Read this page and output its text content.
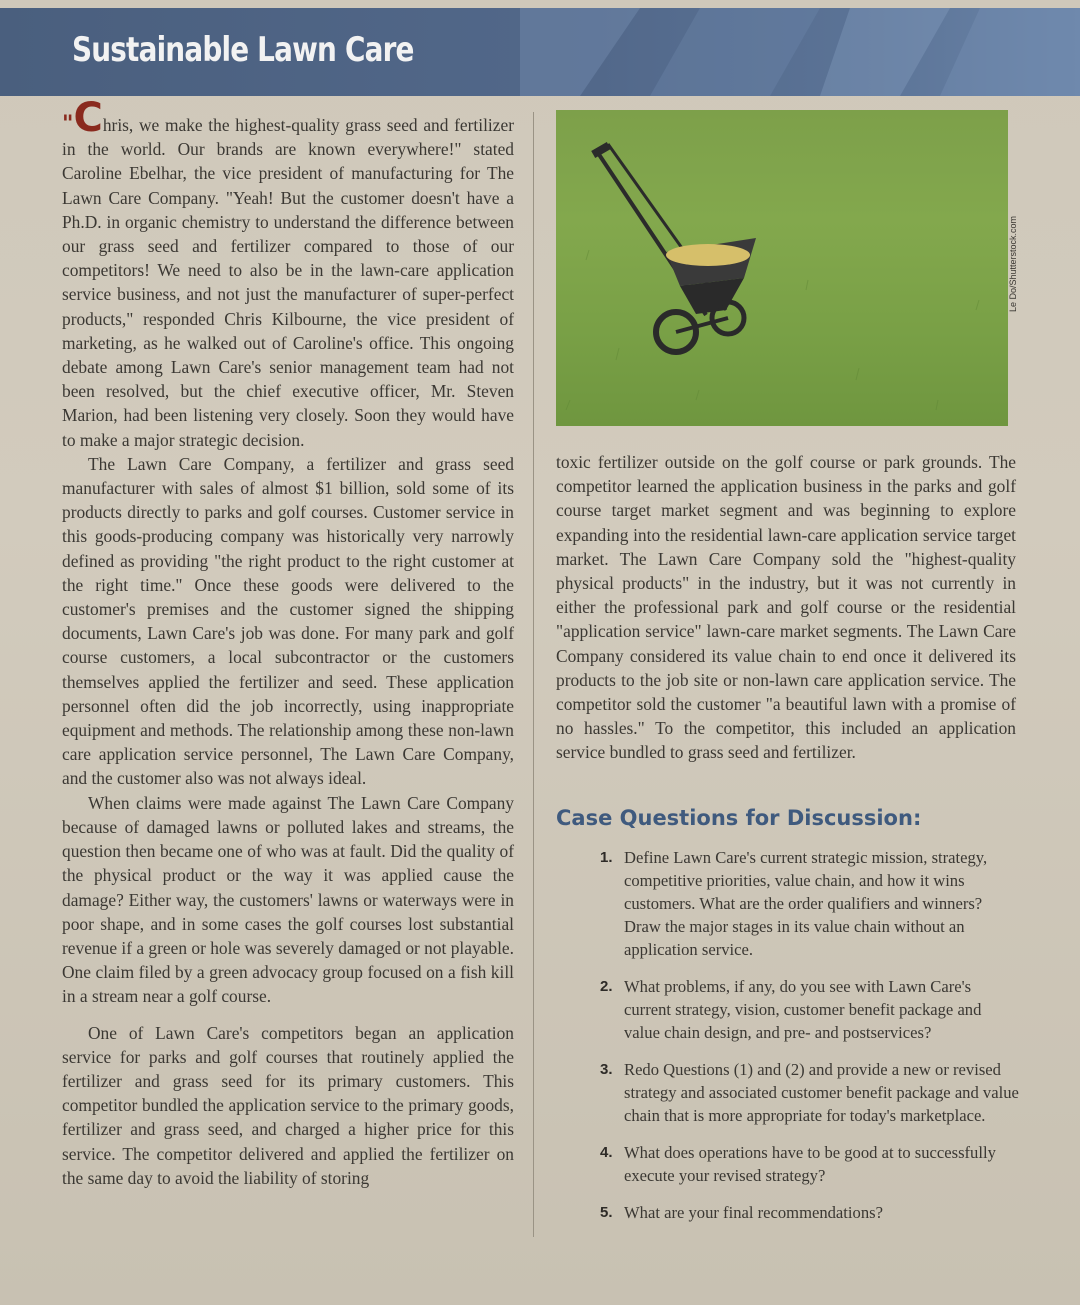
Sustainable Lawn Care

"Chris, we make the highest-quality grass seed and fertilizer in the world. Our brands are known everywhere!" stated Caroline Ebelhar, the vice president of manufacturing for The Lawn Care Company. "Yeah! But the customer doesn't have a Ph.D. in organic chemistry to understand the difference between our grass seed and fertilizer compared to those of our competitors! We need to also be in the lawn-care application service business, and not just the manufacturer of super-perfect products," responded Chris Kilbourne, the vice president of marketing, as he walked out of Caroline's office. This ongoing debate among Lawn Care's senior management team had not been resolved, but the chief executive officer, Mr. Steven Marion, had been listening very closely. Soon they would have to make a major strategic decision.

The Lawn Care Company, a fertilizer and grass seed manufacturer with sales of almost $1 billion, sold some of its products directly to parks and golf courses. Customer service in this goods-producing company was historically very narrowly defined as providing "the right product to the right customer at the right time." Once these goods were delivered to the customer's premises and the customer signed the shipping documents, Lawn Care's job was done. For many park and golf course customers, a local subcontractor or the customers themselves applied the fertilizer and seed. These application personnel often did the job incorrectly, using inappropriate equipment and methods. The relationship among these non-lawn care application service personnel, The Lawn Care Company, and the customer also was not always ideal.

When claims were made against The Lawn Care Company because of damaged lawns or polluted lakes and streams, the question then became one of who was at fault. Did the quality of the physical product or the way it was applied cause the damage? Either way, the customers' lawns or waterways were in poor shape, and in some cases the golf courses lost substantial revenue if a green or hole was severely damaged or not playable. One claim filed by a green advocacy group focused on a fish kill in a stream near a golf course.

One of Lawn Care's competitors began an application service for parks and golf courses that routinely applied the fertilizer and grass seed for its primary customers. This competitor bundled the application service to the primary goods, fertilizer and grass seed, and charged a higher price for this service. The competitor delivered and applied the fertilizer on the same day to avoid the liability of storing

Le Do/Shutterstock.com

toxic fertilizer outside on the golf course or park grounds. The competitor learned the application business in the parks and golf course target market segment and was beginning to explore expanding into the residential lawn-care application service target market. The Lawn Care Company sold the "highest-quality physical products" in the industry, but it was not currently in either the professional park and golf course or the residential "application service" lawn-care market segments. The Lawn Care Company considered its value chain to end once it delivered its products to the job site or non-lawn care application service. The competitor sold the customer "a beautiful lawn with a promise of no hassles." To the competitor, this included an application service bundled to grass seed and fertilizer.

Case Questions for Discussion:
1. Define Lawn Care's current strategic mission, strategy, competitive priorities, value chain, and how it wins customers. What are the order qualifiers and winners? Draw the major stages in its value chain without an application service.
2. What problems, if any, do you see with Lawn Care's current strategy, vision, customer benefit package and value chain design, and pre- and postservices?
3. Redo Questions (1) and (2) and provide a new or revised strategy and associated customer benefit package and value chain that is more appropriate for today's marketplace.
4. What does operations have to be good at to successfully execute your revised strategy?
5. What are your final recommendations?
